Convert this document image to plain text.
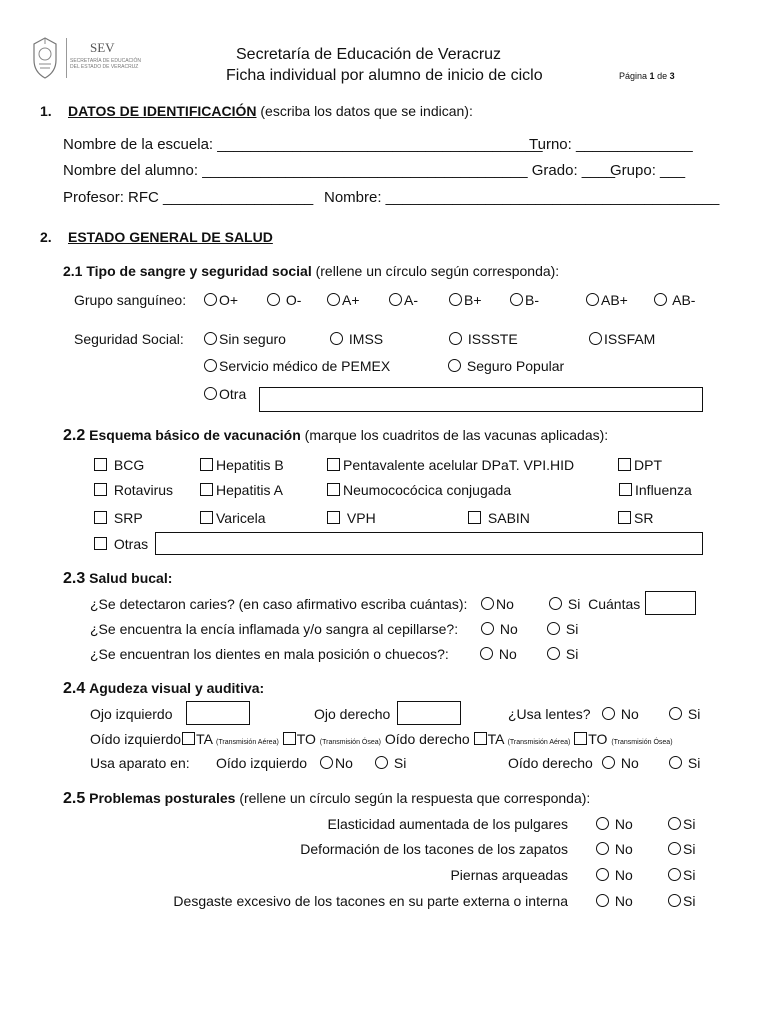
SEV
SECRETARÍA DE EDUCACIÓN DEL ESTADO DE VERACRUZ
Secretaría de Educación de Veracruz
Ficha individual por alumno de inicio de ciclo	Página 1 de 3
1. DATOS DE IDENTIFICACIÓN (escriba los datos que se indican):
Nombre de la escuela: _______________________________________
Turno: ______________
Nombre del alumno: _______________________________________ Grado: ____
Grupo: ___
Profesor: RFC __________________ Nombre: ________________________________________
2. ESTADO GENERAL DE SALUD
2.1 Tipo de sangre y seguridad social (rellene un círculo según corresponda):
Grupo sanguíneo:	O+	O-	A+	A-	B+	B-	AB+	AB-
Seguridad Social:	Sin seguro	IMSS	ISSSTE	ISSFAM
Servicio médico de PEMEX	Seguro Popular
Otra
2.2 Esquema básico de vacunación (marque los cuadritos de las vacunas aplicadas):
BCG	Hepatitis B	Pentavalente acelular DPaT. VPI.HID	DPT
Rotavirus	Hepatitis A	Neumococócica conjugada	Influenza
SRP	Varicela	VPH	SABIN	SR
Otras
2.3 Salud bucal:
¿Se detectaron caries? (en caso afirmativo escriba cuántas):	No	Si Cuántas
¿Se encuentra la encía inflamada y/o sangra al cepillarse?:	No	Si
¿Se encuentran los dientes en mala posición o chuecos?:	No	Si
2.4 Agudeza visual y auditiva:
Ojo izquierdo	Ojo derecho	¿Usa lentes?	No	Si
Oído izquierdo TA (Transmisión Aérea) TO (Transmisión Ósea) Oído derecho TA (Transmisión Aérea) TO (Transmisión Ósea)
Usa aparato en: Oído izquierdo	No	Si	Oído derecho	No	Si
2.5 Problemas posturales (rellene un círculo según la respuesta que corresponda):
Elasticidad aumentada de los pulgares	No	Si
Deformación de los tacones de los zapatos	No	Si
Piernas arqueadas	No	Si
Desgaste excesivo de los tacones en su parte externa o interna	No	Si
